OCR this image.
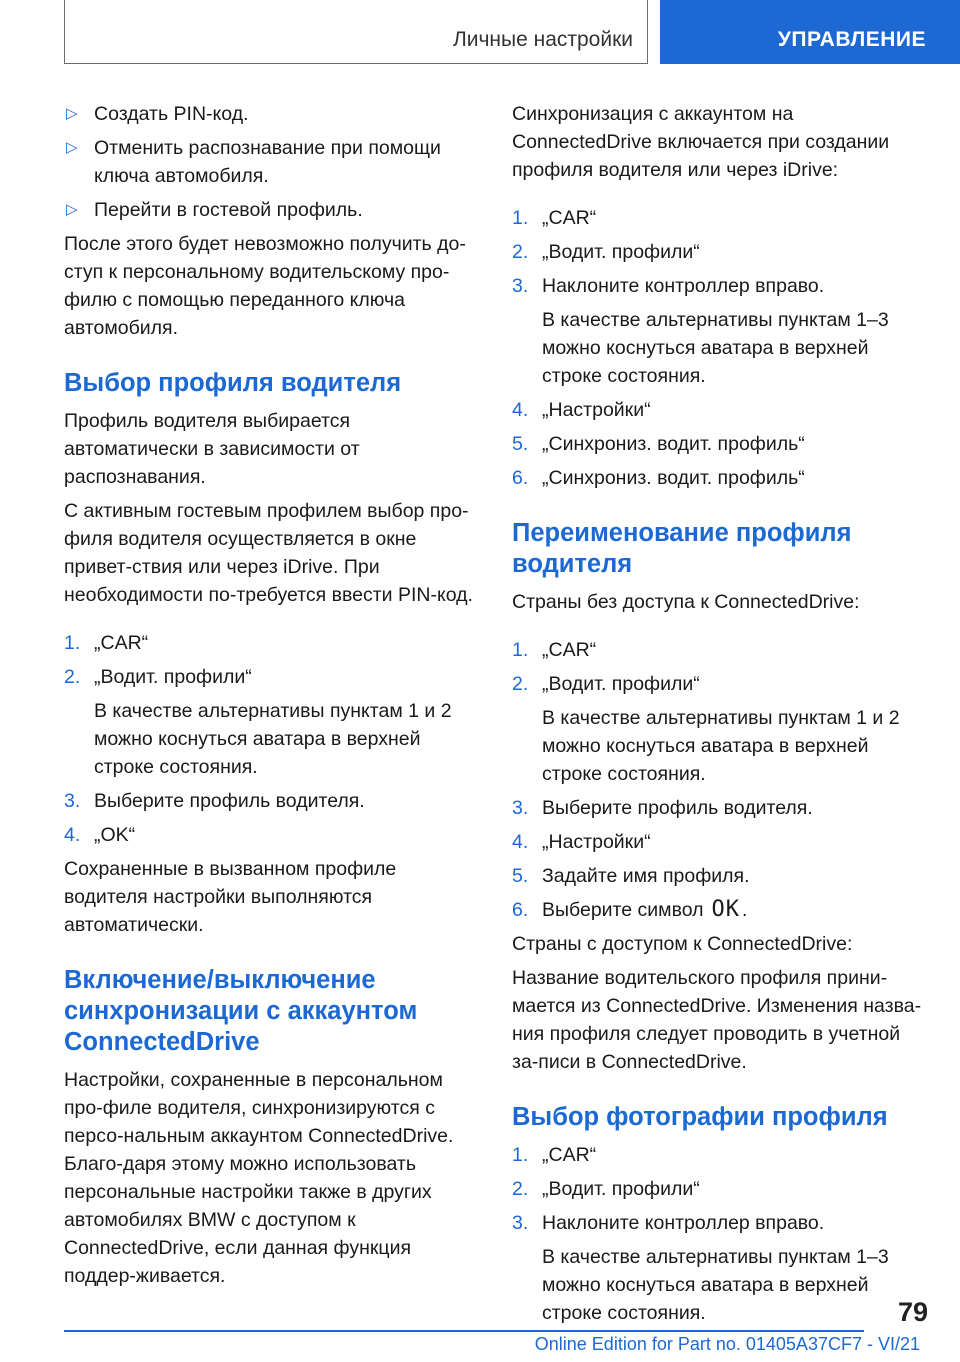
Личные настройки	УПРАВЛЕНИЕ
▷ Создать PIN-код.
▷ Отменить распознавание при помощи ключа автомобиля.
▷ Перейти в гостевой профиль.

После этого будет невозможно получить до-ступ к персональному водительскому про-филю с помощью переданного ключа автомобиля.

Выбор профиля водителя

Профиль водителя выбирается автоматически в зависимости от распознавания.

С активным гостевым профилем выбор про-филя водителя осуществляется в окне привет-ствия или через iDrive. При необходимости по-требуется ввести PIN-код.

1. „CAR“
2. „Водит. профили“
В качестве альтернативы пунктам 1 и 2 можно коснуться аватара в верхней строке состояния.
3. Выберите профиль водителя.
4. „OK“

Сохраненные в вызванном профиле водителя настройки выполняются автоматически.

Включение/выключение синхронизации с аккаунтом ConnectedDrive

Настройки, сохраненные в персональном про-филе водителя, синхронизируются с персо-нальным аккаунтом ConnectedDrive. Благо-даря этому можно использовать персональные настройки также в других автомобилях BMW с доступом к ConnectedDrive, если данная функция поддер-живается.

Синхронизация с аккаунтом на ConnectedDrive включается при создании профиля водителя или через iDrive:

1. „CAR“
2. „Водит. профили“
3. Наклоните контроллер вправо.
В качестве альтернативы пунктам 1–3 можно коснуться аватара в верхней строке состояния.
4. „Настройки“
5. „Синхрониз. водит. профиль“
6. „Синхрониз. водит. профиль“
Переименование профиля водителя

Страны без доступа к ConnectedDrive:

1. „CAR“
2. „Водит. профили“
В качестве альтернативы пунктам 1 и 2 можно коснуться аватара в верхней строке состояния.
3. Выберите профиль водителя.
4. „Настройки“
5. Задайте имя профиля.
6. Выберите символ OK .

Страны с доступом к ConnectedDrive:

Название водительского профиля прини-мается из ConnectedDrive. Изменения назва-ния профиля следует проводить в учетной за-писи в ConnectedDrive.

Выбор фотографии профиля
1. „CAR“
2. „Водит. профили“
3. Наклоните контроллер вправо.
В качестве альтернативы пунктам 1–3 можно коснуться аватара в верхней строке состояния.	79
Online Edition for Part no. 01405A37CF7 - VI/21
